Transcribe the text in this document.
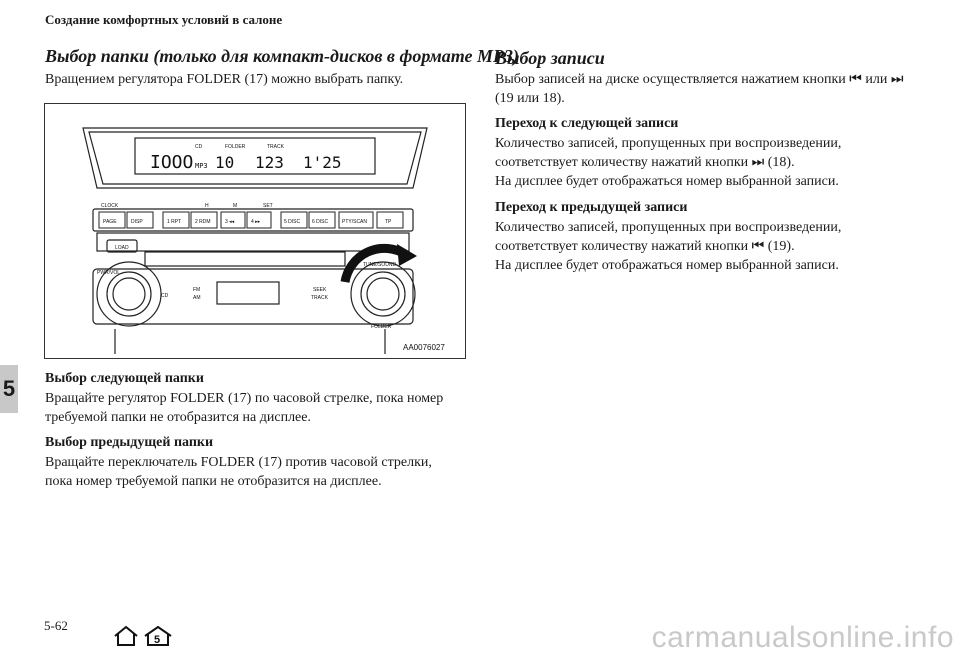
Создание комфортных условий в салоне
Выбор папки (только для компакт-дисков в формате MP3)
Вращением регулятора FOLDER (17) можно выбрать папку.
IOOO MP3 10 123 1'25
CD	FOLDER	TRACK
CLOCK	H	M	SET
PAGE	DISP	1 RPT	2 RDM	3 ◂◂	4 ▸▸	5 DISC 6 DISC	PTY/SCAN	TP
LOAD
PWR/VOL
CD
FM
AM
SEEK
TRACK
TUNE/SOUND
FOLDER
AA0076027
Выбор следующей папки
Вращайте регулятор FOLDER (17) по часовой стрелке, пока номер
требуемой папки не отобразится на дисплее.
Выбор предыдущей папки
Вращайте переключатель FOLDER (17) против часовой стрелки,
пока номер требуемой папки не отобразится на дисплее.
Выбор записи
Выбор записей на диске осуществляется нажатием кнопки ⏮ или ⏭
(19 или 18).
Переход к следующей записи
Количество записей, пропущенных при воспроизведении,
соответствует количеству нажатий кнопки ⏭ (18).
На дисплее будет отображаться номер выбранной записи.
Переход к предыдущей записи
Количество записей, пропущенных при воспроизведении,
соответствует количеству нажатий кнопки ⏮ (19).
На дисплее будет отображаться номер выбранной записи.
5
5-62
5	carmanualsonline.info
